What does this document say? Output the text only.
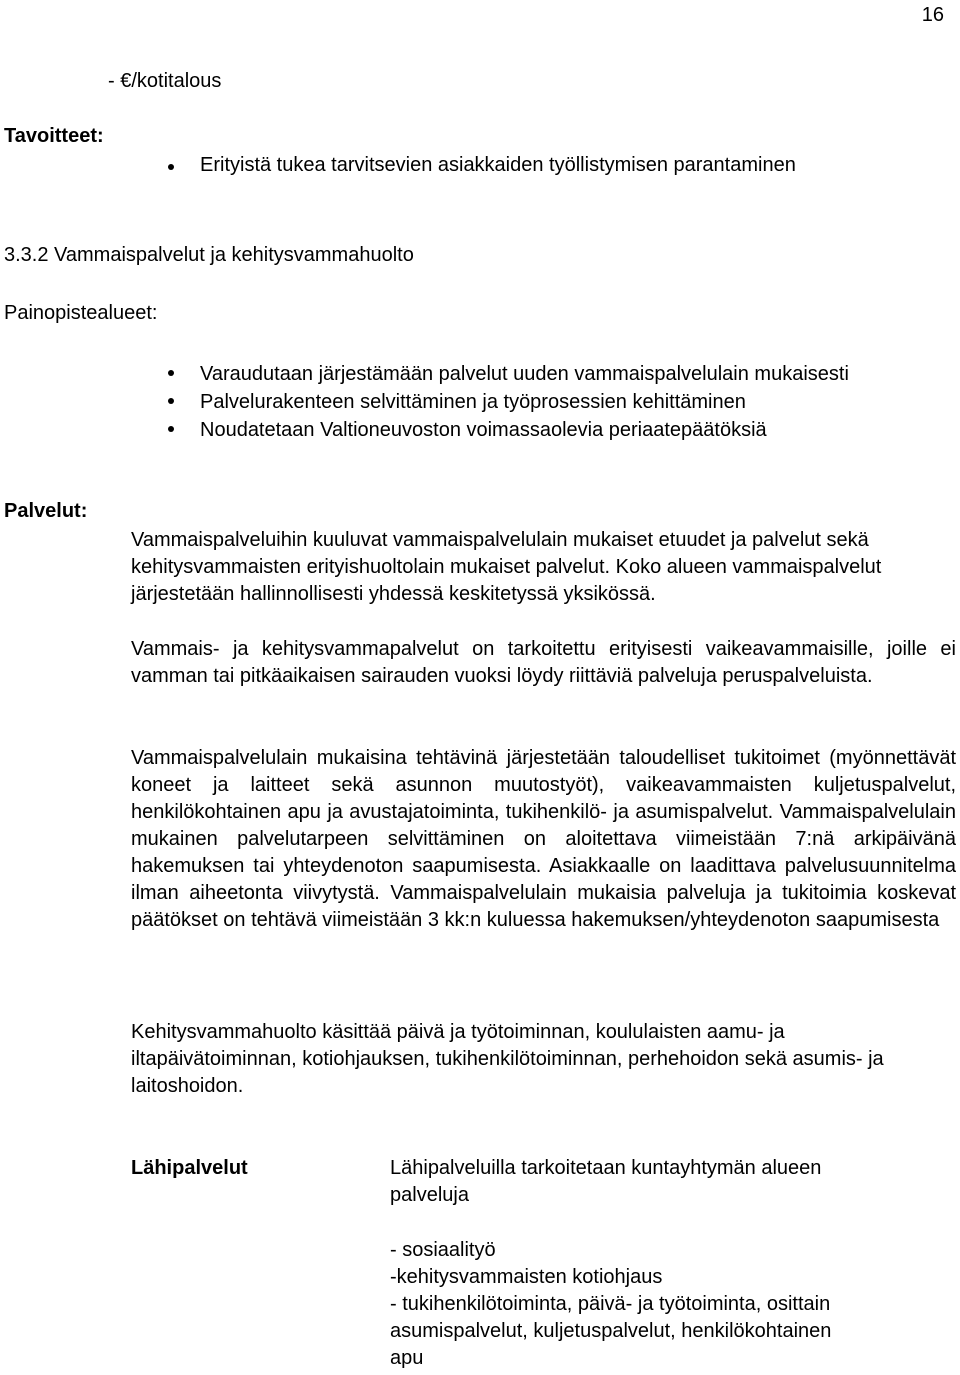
16
- €/kotitalous
Tavoitteet:
Erityistä tukea tarvitsevien asiakkaiden työllistymisen parantaminen
3.3.2 Vammaispalvelut ja kehitysvammahuolto
Painopistealueet:
Varaudutaan järjestämään palvelut uuden vammaispalvelulain mukaisesti
Palvelurakenteen selvittäminen ja työprosessien kehittäminen
Noudatetaan Valtioneuvoston voimassaolevia periaatepäätöksiä
Palvelut:
Vammaispalveluihin kuuluvat vammaispalvelulain mukaiset etuudet ja palvelut sekä kehitysvammaisten erityishuoltolain mukaiset palvelut. Koko alueen vammaispalvelut järjestetään hallinnollisesti yhdessä keskitetyssä yksikössä.
Vammais- ja kehitysvammapalvelut on tarkoitettu erityisesti vaikeavammaisille, joille ei vamman tai pitkäaikaisen sairauden vuoksi löydy riittäviä palveluja peruspalveluista.
Vammaispalvelulain mukaisina tehtävinä järjestetään taloudelliset tukitoimet (myönnettävät koneet ja laitteet sekä asunnon muutostyöt), vaikeavammaisten kuljetuspalvelut, henkilökohtainen apu ja avustajatoiminta, tukihenkilö- ja asumispalvelut. Vammaispalvelulain mukainen palvelutarpeen selvittäminen on aloitettava viimeistään 7:nä arkipäivänä hakemuksen tai yhteydenoton saapumisesta. Asiakkaalle on laadittava palvelusuunnitelma ilman aiheetonta viivytystä. Vammaispalvelulain mukaisia palveluja ja tukitoimia koskevat päätökset on tehtävä viimeistään 3 kk:n kuluessa hakemuksen/yhteydenoton saapumisesta
Kehitysvammahuolto käsittää päivä ja työtoiminnan, koululaisten aamu- ja iltapäivätoiminnan, kotiohjauksen, tukihenkilötoiminnan, perhehoidon sekä asumis- ja laitoshoidon.
Lähipalvelut	Lähipalveluilla tarkoitetaan kuntayhtymän alueen
palveluja
- sosiaalityö
-kehitysvammaisten kotiohjaus
- tukihenkilötoiminta, päivä- ja työtoiminta, osittain
asumispalvelut, kuljetuspalvelut, henkilökohtainen
apu
